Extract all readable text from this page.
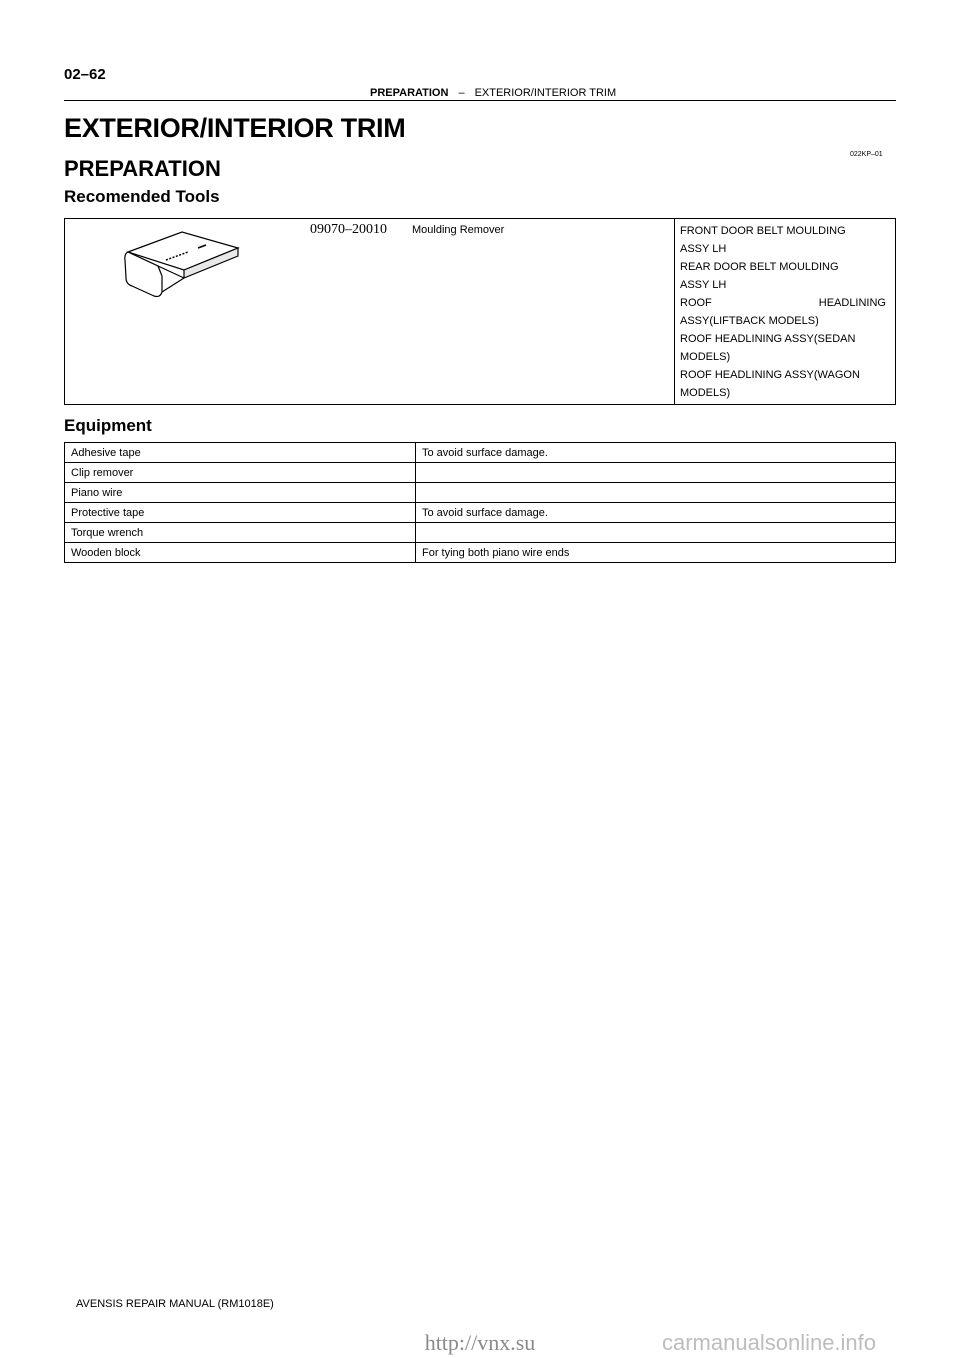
02–62
PREPARATION – EXTERIOR/INTERIOR TRIM
EXTERIOR/INTERIOR TRIM
PREPARATION
022KP–01
Recomended Tools
09070–20010 Moulding Remover	FRONT DOOR BELT MOULDING
ASSY LH
REAR DOOR BELT MOULDING
ASSY LH
ROOF HEADLINING
ASSY(LIFTBACK MODELS)
ROOF HEADLINING ASSY(SEDAN
MODELS)
ROOF HEADLINING ASSY(WAGON
MODELS)
Equipment
Adhesive tape	To avoid surface damage.
Clip remover	
Piano wire	
Protective tape	To avoid surface damage.
Torque wrench	
Wooden block	For tying both piano wire ends
AVENSIS REPAIR MANUAL (RM1018E)
http://vnx.su	carmanualsonline.info
